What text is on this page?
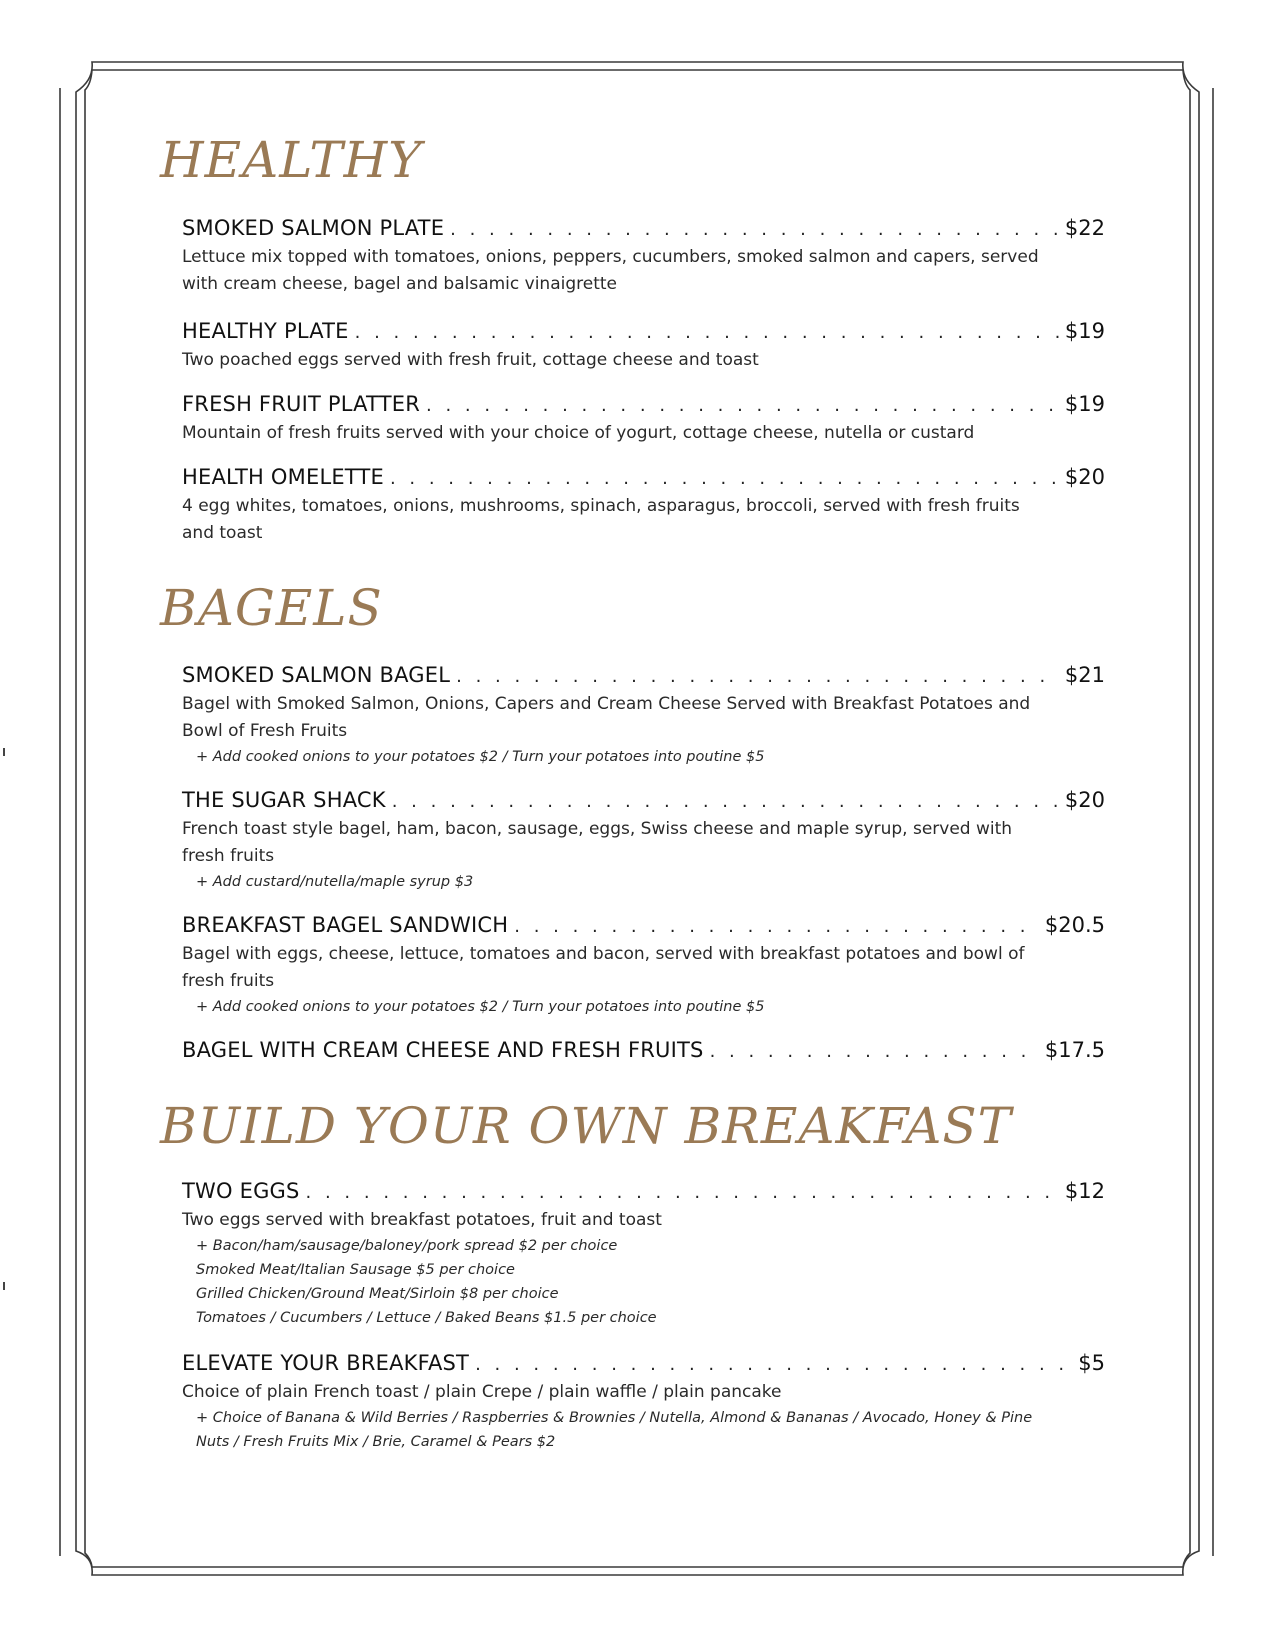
HEALTHY
SMOKED SALMON PLATE . . .	$22
Lettuce mix topped with tomatoes, onions, peppers, cucumbers, smoked salmon and capers, served with cream cheese, bagel and balsamic vinaigrette
HEALTHY PLATE . . .	$19
Two poached eggs served with fresh fruit, cottage cheese and toast
FRESH FRUIT PLATTER . . .	$19
Mountain of fresh fruits served with your choice of yogurt, cottage cheese, nutella or custard
HEALTH OMELETTE . . .	$20
4 egg whites, tomatoes, onions, mushrooms, spinach, asparagus, broccoli, served with fresh fruits and toast
BAGELS
SMOKED SALMON BAGEL . . .	$21
Bagel with Smoked Salmon, Onions, Capers and Cream Cheese Served with Breakfast Potatoes and Bowl of Fresh Fruits
+ Add cooked onions to your potatoes $2 / Turn your potatoes into poutine $5
THE SUGAR SHACK . . .	$20
French toast style bagel, ham, bacon, sausage, eggs, Swiss cheese and maple syrup, served with fresh fruits
+ Add custard/nutella/maple syrup $3
BREAKFAST BAGEL SANDWICH . . .	$20.5
Bagel with eggs, cheese, lettuce, tomatoes and bacon, served with breakfast potatoes and bowl of fresh fruits
+ Add cooked onions to your potatoes $2 / Turn your potatoes into poutine $5
BAGEL WITH CREAM CHEESE AND FRESH FRUITS . . .	$17.5
BUILD YOUR OWN BREAKFAST
TWO EGGS . . .	$12
Two eggs served with breakfast potatoes, fruit and toast
+ Bacon/ham/sausage/baloney/pork spread $2 per choice
Smoked Meat/Italian Sausage $5 per choice
Grilled Chicken/Ground Meat/Sirloin $8 per choice
Tomatoes / Cucumbers / Lettuce / Baked Beans $1.5 per choice
ELEVATE YOUR BREAKFAST . . .	$5
Choice of plain French toast / plain Crepe / plain waffle / plain pancake
+ Choice of Banana & Wild Berries / Raspberries & Brownies / Nutella, Almond & Bananas / Avocado, Honey & Pine Nuts / Fresh Fruits Mix / Brie, Caramel & Pears $2
